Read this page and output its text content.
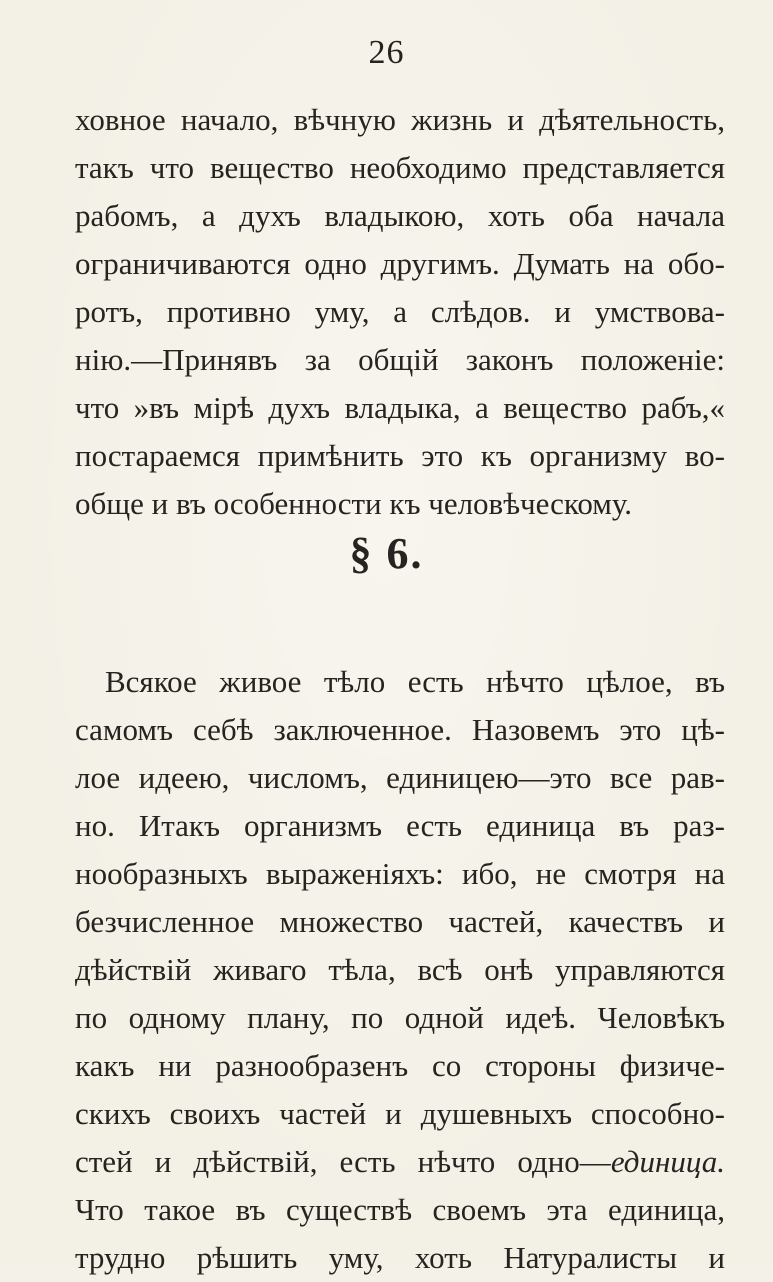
26
ховное начало, вѣчную жизнь и дѣятельность,
такъ что вещество необходимо представляется
рабомъ, а духъ владыкою, хоть оба начала
ограничиваются одно другимъ. Думать на обо-
ротъ, противно уму, а слѣдов. и умствова-
нію.—Принявъ за общій законъ положеніе:
что »въ мірѣ духъ владыка, а вещество рабъ,«
постараемся примѣнить это къ организму во-
обще и въ особенности къ человѣческому.
§ 6.
Всякое живое тѣло есть нѣчто цѣлое, въ
самомъ себѣ заключенное. Назовемъ это цѣ-
лое идеею, числомъ, единицею—это все рав-
но. Итакъ организмъ есть единица въ раз-
нообразныхъ выраженіяхъ: ибо, не смотря на
безчисленное множество частей, качествъ и
дѣйствій живаго тѣла, всѣ онѣ управляются
по одному плану, по одной идеѣ. Человѣкъ
какъ ни разнообразенъ со стороны физиче-
скихъ своихъ частей и душевныхъ способно-
стей и дѣйствій, есть нѣчто одно—единица.
Что такое въ существѣ своемъ эта единица,
трудно рѣшить уму, хоть Натуралисты и
